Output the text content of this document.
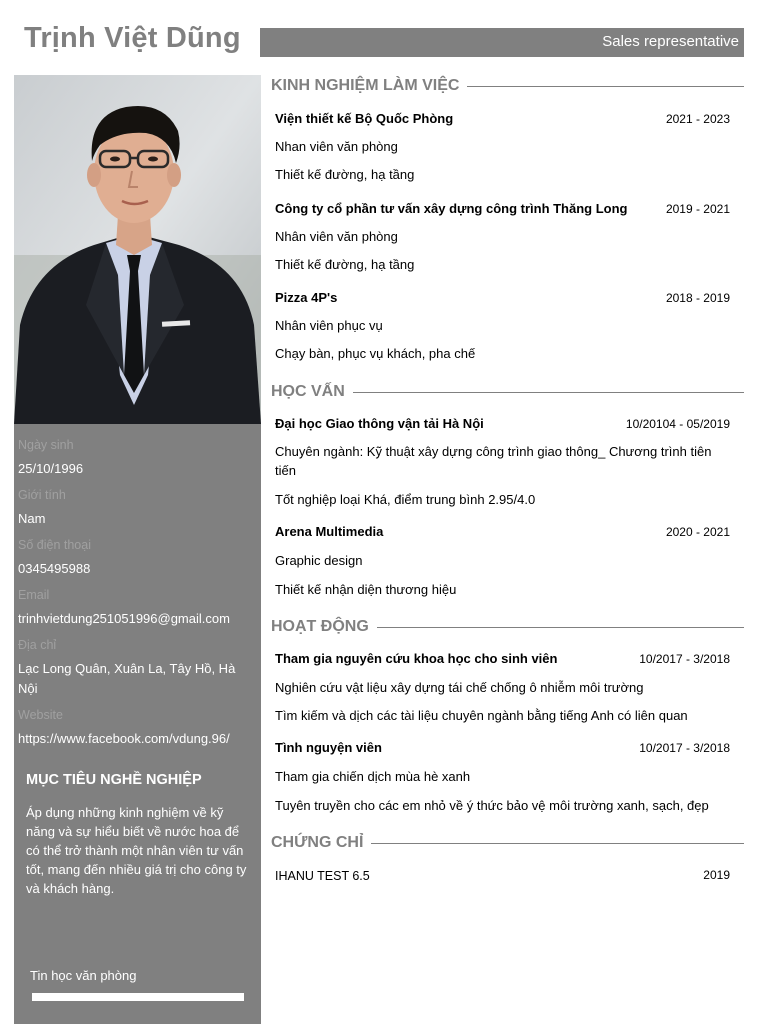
Trịnh Việt Dũng	Sales representative
Ngày sinh
25/10/1996
Giới tính
Nam
Số điện thoại
0345495988
Email
trinhvietdung251051996@gmail.com
Địa chỉ
Lạc Long Quân, Xuân La, Tây Hồ, Hà Nội
Website
https://www.facebook.com/vdung.96/
MỤC TIÊU NGHỀ NGHIỆP
Áp dụng những kinh nghiệm về kỹ năng và sự hiểu biết về nước hoa để có thể trở thành một nhân viên tư vấn tốt, mang đến nhiều giá trị cho công ty và khách hàng.
Tin học văn phòng
KINH NGHIỆM LÀM VIỆC
Viện thiết kế Bộ Quốc Phòng	2021 - 2023
Nhan viên văn phòng
Thiết kế đường, hạ tầng
Công ty cổ phần tư vấn xây dựng công trình Thăng Long	2019 - 2021
Nhân viên văn phòng
Thiết kế đường, hạ tầng
Pizza 4P's	2018 - 2019
Nhân viên phục vụ
Chạy bàn, phục vụ khách, pha chế
HỌC VẤN
Đại học Giao thông vận tải Hà Nội	10/20104 - 05/2019
Chuyên ngành: Kỹ thuật xây dựng công trình giao thông_ Chương trình tiên tiến
Tốt nghiệp loại Khá, điểm trung bình 2.95/4.0
Arena Multimedia	2020 - 2021
Graphic design
Thiết kế nhận diện thương hiệu
HOẠT ĐỘNG
Tham gia nguyên cứu khoa học cho sinh viên	10/2017 - 3/2018
Nghiên cứu vật liệu xây dựng tái chế chống ô nhiễm môi trường
Tìm kiếm và dịch các tài liệu chuyên ngành bằng tiếng Anh có liên quan
Tình nguyện viên	10/2017 - 3/2018
Tham gia chiến dịch mùa hè xanh
Tuyên truyền cho các em nhỏ về ý thức bảo vệ môi trường xanh, sạch, đẹp
CHỨNG CHỈ
IHANU TEST 6.5	2019
